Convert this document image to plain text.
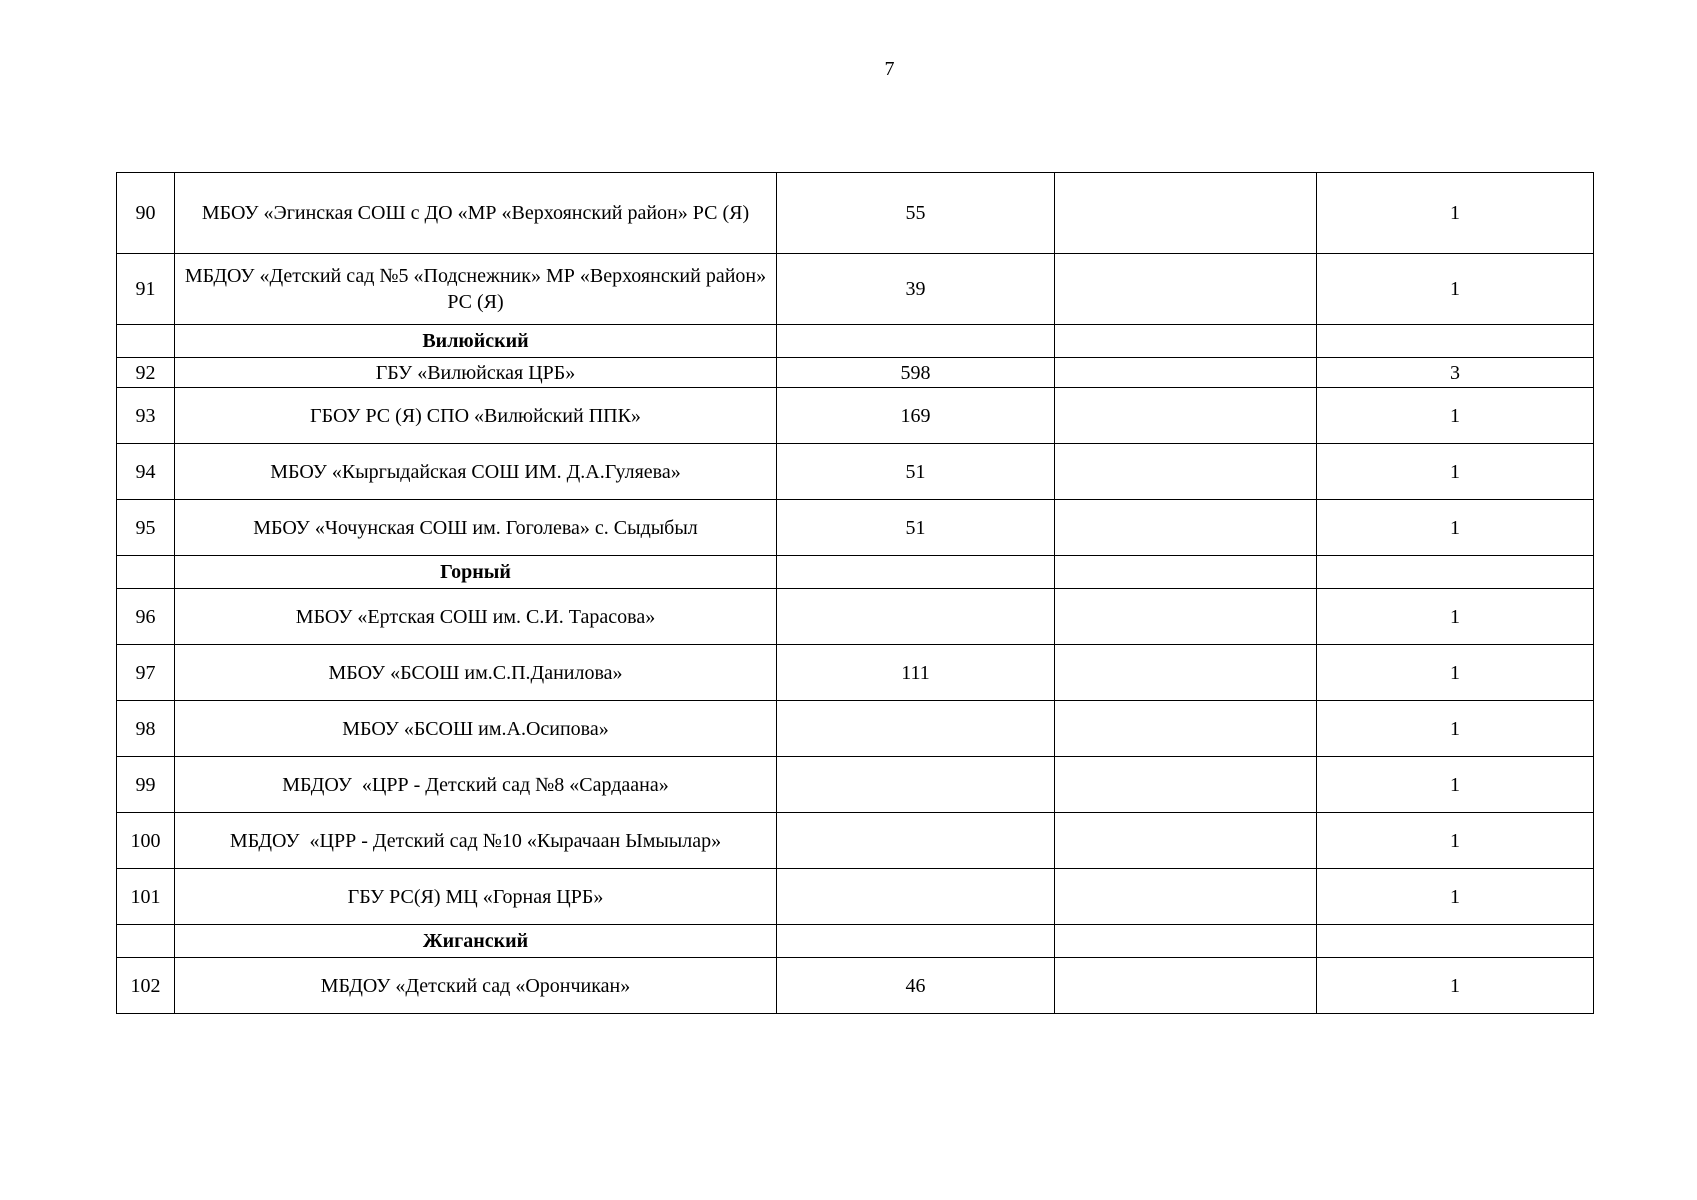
7
90	МБОУ «Эгинская СОШ с ДО «МР «Верхоянский район» РС (Я)	55		1
91	МБДОУ «Детский сад №5 «Подснежник» МР «Верхоянский район» РС (Я)	39		1
	Вилюйский			
92	ГБУ «Вилюйская ЦРБ»	598		3
93	ГБОУ РС (Я) СПО «Вилюйский ППК»	169		1
94	МБОУ «Кыргыдайская СОШ ИМ. Д.А.Гуляева»	51		1
95	МБОУ «Чочунская СОШ им. Гоголева» с. Сыдыбыл	51		1
	Горный			
96	МБОУ «Ертская СОШ им. С.И. Тарасова»			1
97	МБОУ «БСОШ им.С.П.Данилова»	111		1
98	МБОУ «БСОШ им.А.Осипова»			1
99	МБДОУ  «ЦРР - Детский сад №8 «Сардаана»			1
100	МБДОУ  «ЦРР - Детский сад №10 «Кырачаан Ымыылар»			1
101	ГБУ РС(Я) МЦ «Горная ЦРБ»			1
	Жиганский			
102	МБДОУ «Детский сад «Орончикан»	46		1
